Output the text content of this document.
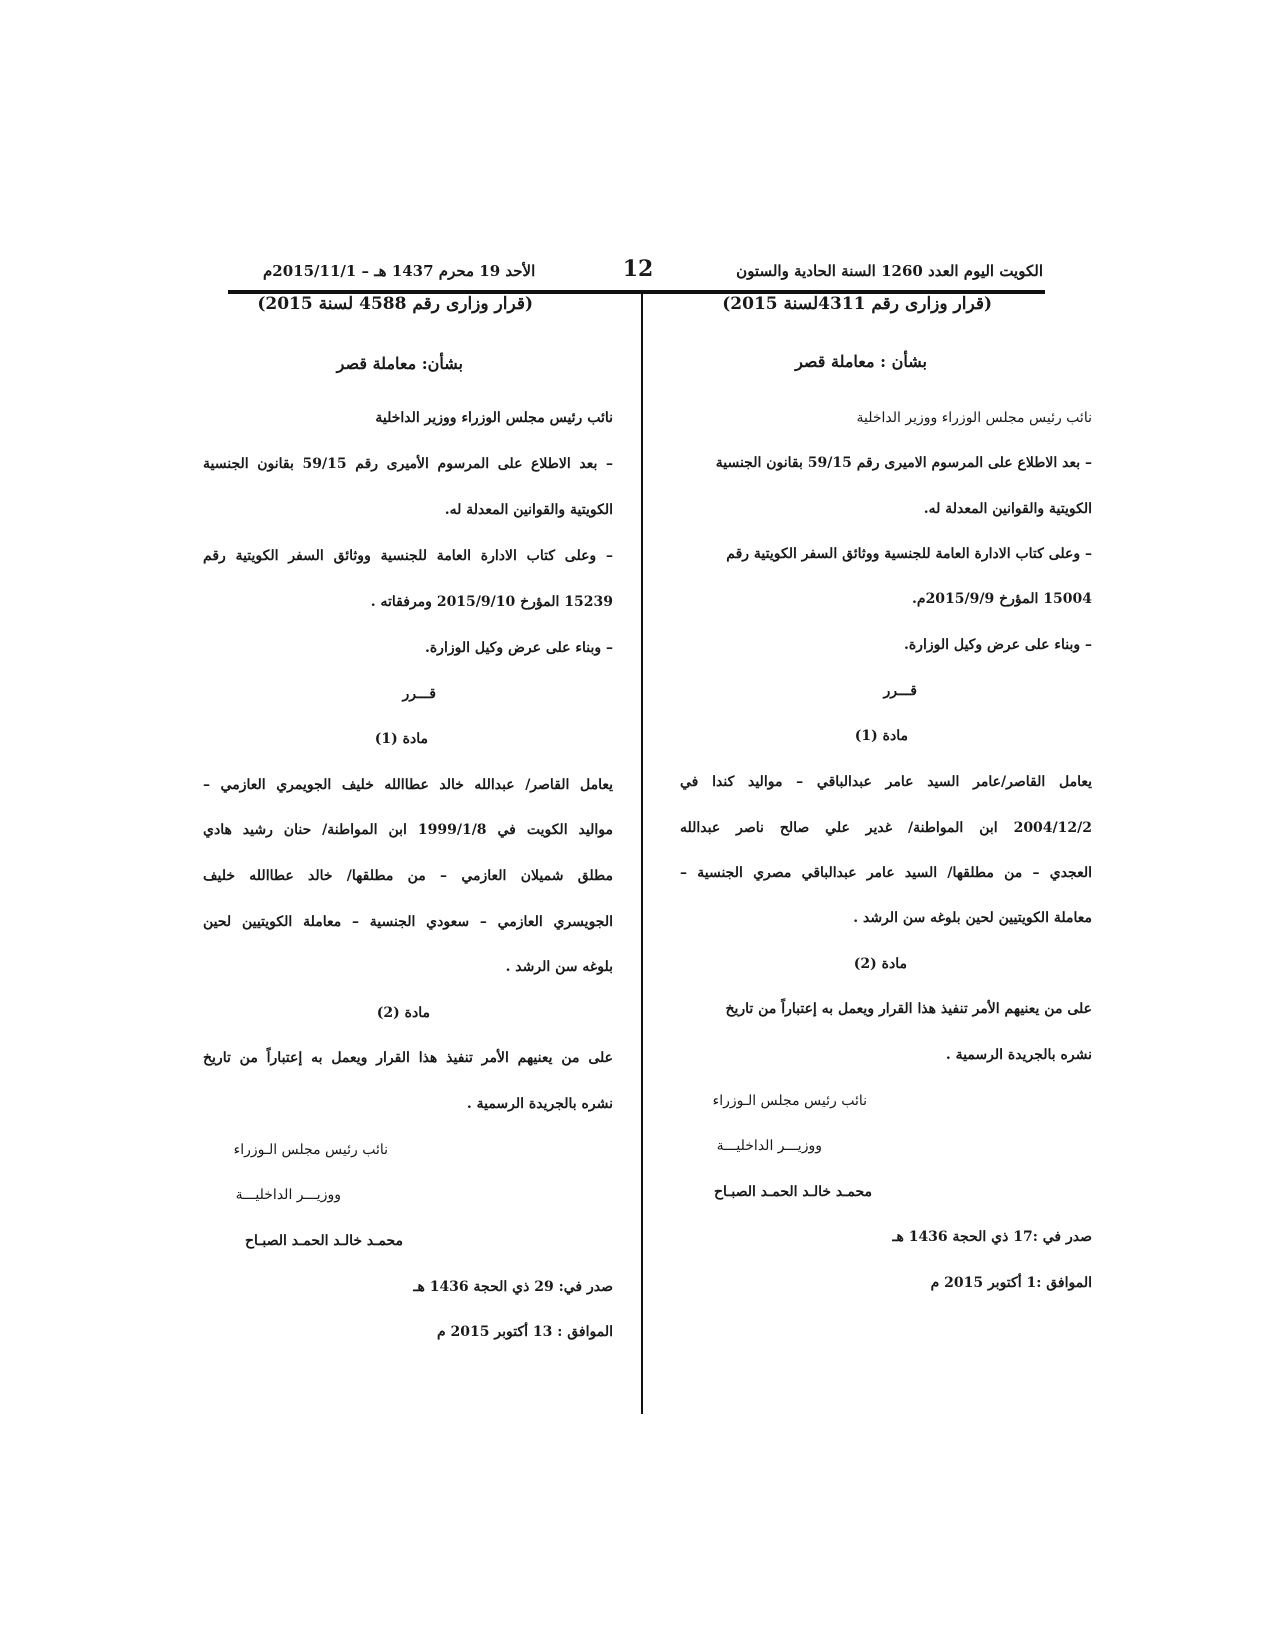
الكويت اليوم العدد 1260 السنة الحادية والستون
12
الأحد 19 محرم 1437 هـ – 2015/11/1م
(قرار وزارى رقم 4311لسنة 2015)
بشأن : معاملة قصر
نائب رئيس مجلس الوزراء ووزير الداخلية
– بعد الاطلاع على المرسوم الاميرى رقم 59/15 بقانون الجنسية
الكويتية والقوانين المعدلة له.
– وعلى كتاب الادارة العامة للجنسية ووثائق السفر الكويتية رقم
15004 المؤرخ 2015/9/9م.
– وبناء على عرض وكيل الوزارة.
قـــرر
مادة (1)
يعامل القاصر/عامر السيد عامر عبدالباقي – مواليد كندا في
2004/12/2 ابن المواطنة/ غدير علي صالح ناصر عبدالله
العجدي – من مطلقها/ السيد عامر عبدالباقي مصري الجنسية –
معاملة الكويتيين لحين بلوغه سن الرشد .
مادة (2)
على من يعنيهم الأمر تنفيذ هذا القرار ويعمل به إعتباراً من تاريخ
نشره بالجريدة الرسمية .
نائب رئيس مجلس الـوزراء
ووزيـــر الداخليـــة
محمـد خالـد الحمـد الصبـاح
صدر في :17 ذي الحجة 1436 هـ
الموافق :1 أكتوبر 2015 م
(قرار وزارى رقم 4588 لسنة 2015)
بشأن: معاملة قصر
نائب رئيس مجلس الوزراء ووزير الداخلية
– بعد الاطلاع على المرسوم الأميرى رقم 59/15 بقانون الجنسية
الكويتية والقوانين المعدلة له.
– وعلى كتاب الادارة العامة للجنسية ووثائق السفر الكويتية رقم
15239 المؤرخ 2015/9/10 ومرفقاته .
– وبناء على عرض وكيل الوزارة.
قـــرر
مادة (1)
يعامل القاصر/ عبدالله خالد عطاالله خليف الجويمري العازمي –
مواليد الكويت في 1999/1/8 ابن المواطنة/ حنان رشيد هادي
مطلق شميلان العازمي – من مطلقها/ خالد عطاالله خليف
الجويسري العازمي – سعودي الجنسية – معاملة الكويتيين لحين
بلوغه سن الرشد .
مادة (2)
على من يعنيهم الأمر تنفيذ هذا القرار ويعمل به إعتباراً من تاريخ
نشره بالجريدة الرسمية .
نائب رئيس مجلس الـوزراء
ووزيـــر الداخليـــة
محمـد خالـد الحمـد الصبـاح
صدر في: 29 ذي الحجة 1436 هـ
الموافق : 13 أكتوبر 2015 م
